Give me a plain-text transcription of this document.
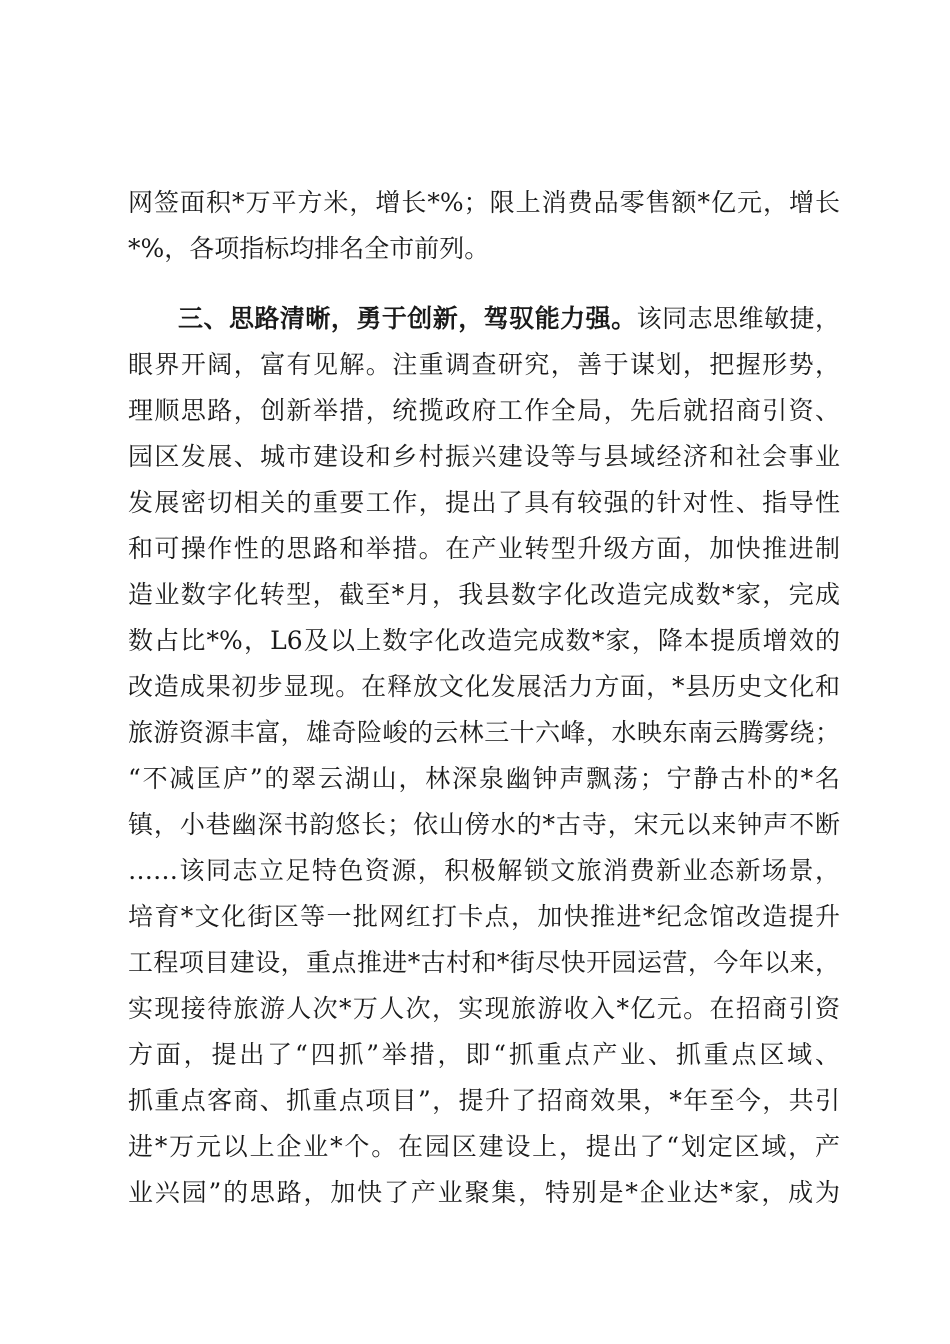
网签面积*万平方米，增长*%；限上消费品零售额*亿元，增长
*%，各项指标均排名全市前列。
三、思路清晰，勇于创新，驾驭能力强。该同志思维敏捷，
眼界开阔，富有见解。注重调查研究，善于谋划，把握形势，
理顺思路，创新举措，统揽政府工作全局，先后就招商引资、
园区发展、城市建设和乡村振兴建设等与县域经济和社会事业
发展密切相关的重要工作，提出了具有较强的针对性、指导性
和可操作性的思路和举措。在产业转型升级方面，加快推进制
造业数字化转型，截至*月，我县数字化改造完成数*家，完成
数占比*%，L6及以上数字化改造完成数*家，降本提质增效的
改造成果初步显现。在释放文化发展活力方面，*县历史文化和
旅游资源丰富，雄奇险峻的云林三十六峰，水映东南云腾雾绕；
“不减匡庐”的翠云湖山，林深泉幽钟声飘荡；宁静古朴的*名
镇，小巷幽深书韵悠长；依山傍水的*古寺，宋元以来钟声不断
……该同志立足特色资源，积极解锁文旅消费新业态新场景，
培育*文化街区等一批网红打卡点，加快推进*纪念馆改造提升
工程项目建设，重点推进*古村和*街尽快开园运营，今年以来，
实现接待旅游人次*万人次，实现旅游收入*亿元。在招商引资
方面，提出了“四抓”举措，即“抓重点产业、抓重点区域、
抓重点客商、抓重点项目”，提升了招商效果，*年至今，共引
进*万元以上企业*个。在园区建设上，提出了“划定区域，产
业兴园”的思路，加快了产业聚集，特别是*企业达*家，成为
